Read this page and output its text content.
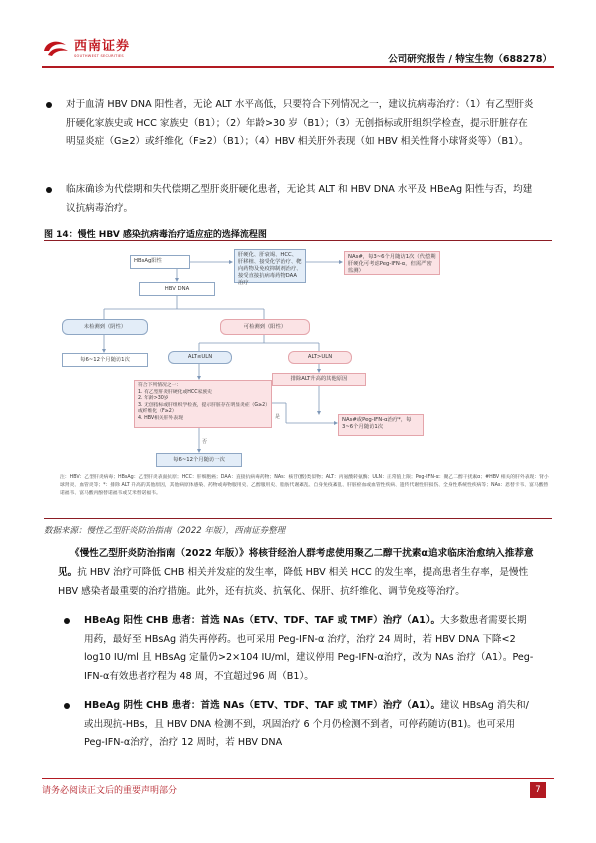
西南证券
SOUTHWEST SECURITIES	公司研究报告 / 特宝生物（688278）
对于血清 HBV DNA 阳性者，无论 ALT 水平高低，只要符合下列情况之一，建议抗病毒治疗：（1）有乙型肝炎肝硬化家族史或 HCC 家族史（B1）；（2）年龄>30 岁（B1）；（3）无创指标或肝组织学检查，提示肝脏存在明显炎症（G≥2）或纤维化（F≥2）（B1）；（4）HBV 相关肝外表现（如 HBV 相关性肾小球肾炎等）（B1）。
临床确诊为代偿期和失代偿期乙型肝炎肝硬化患者，无论其 ALT 和 HBV DNA 水平及 HBeAg 阳性与否，均建议抗病毒治疗。
图 14：慢性 HBV 感染抗病毒治疗适应症的选择流程图
HBsAg阳性
肝硬化、肝衰竭、HCC、肝移植、接受化学治疗、靶向药物及免疫抑制剂治疗、接受直接抗病毒药物DAA治疗
NAs#，每3~6个月随访1次（代偿期肝硬化可考虑Peg-IFN-α，但需严密监测）
HBV DNA
未检测到（阴性）	可检测到（阳性）
每6~12个月随访1次	ALT≤ULN	ALT>ULN
符合下列情况之一：
1. 有乙型肝炎肝硬化或HCC家族史
2. 年龄>30岁
3. 无创指标或肝组织学检查，提示肝脏存在明显炎症（G≥2）或纤维化（F≥2）
4. HBV相关肝外表现
排除ALT升高的其他原因
是
否
NAs#或Peg-IFN-α治疗*，每3~6个月随访1次
每6~12个月随访一次
注：HBV：乙型肝炎病毒；HBsAg：乙型肝炎表面抗原；HCC：肝细胞癌；DAA：直接抗病毒药物；NAs：核苷(酸)类似物；ALT：丙氨酸转氨酶；ULN：正常值上限；Peg-IFN-α：聚乙二醇干扰素α；#HBV 相关的肝外表现：肾小球肾炎、血管炎等；*：排除 ALT 升高的其他原因，其他病原体感染、药物或毒物服用史、乙醇服用史、脂肪代谢紊乱、自身免疫紊乱、肝脏瘀血或血管性疾病、遗传代谢性肝损伤、全身性系统性疾病等；NAs：恩替卡韦、富马酸替诺福韦、富马酸丙酚替诺福韦或艾米替诺福韦。
数据来源：慢性乙型肝炎防治指南（2022 年版），西南证券整理
《慢性乙型肝炎防治指南（2022 年版）》将核苷经治人群考虑使用聚乙二醇干扰素α追求临床治愈纳入推荐意见。抗 HBV 治疗可降低 CHB 相关并发症的发生率，降低 HBV 相关 HCC 的发生率，提高患者生存率，是慢性 HBV 感染者最重要的治疗措施。此外，还有抗炎、抗氧化、保肝、抗纤维化、调节免疫等治疗。
HBeAg 阳性 CHB 患者：首选 NAs（ETV、TDF、TAF 或 TMF）治疗（A1）。大多数患者需要长期用药，最好至 HBsAg 消失再停药。也可采用 Peg-IFN-α 治疗，治疗 24 周时，若 HBV DNA 下降<2 log10 IU/ml 且 HBsAg 定量仍>2×104 IU/ml，建议停用 Peg-IFN-α治疗，改为 NAs 治疗（A1）。Peg-IFN-α有效患者疗程为 48 周，不宜超过96 周（B1）。
HBeAg 阴性 CHB 患者：首选 NAs（ETV、TDF、TAF 或 TMF）治疗（A1）。建议 HBsAg 消失和/或出现抗-HBs，且 HBV DNA 检测不到，巩固治疗 6 个月仍检测不到者，可停药随访(B1)。也可采用 Peg-IFN-α治疗，治疗 12 周时，若 HBV DNA
请务必阅读正文后的重要声明部分	7
